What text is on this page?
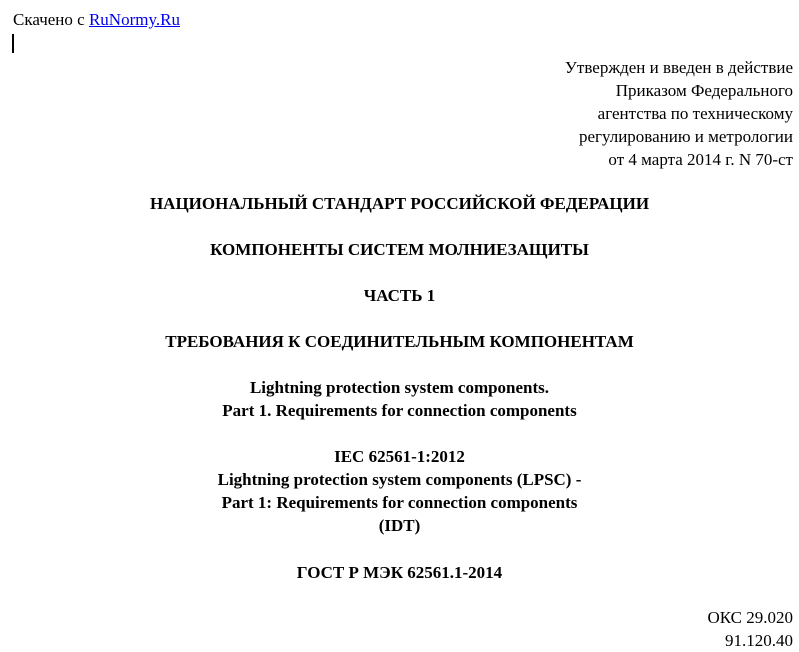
Скачено с RuNormy.Ru
Утвержден и введен в действие
Приказом Федерального
агентства по техническому
регулированию и метрологии
от 4 марта 2014 г. N 70-ст
НАЦИОНАЛЬНЫЙ СТАНДАРТ РОССИЙСКОЙ ФЕДЕРАЦИИ
КОМПОНЕНТЫ СИСТЕМ МОЛНИЕЗАЩИТЫ
ЧАСТЬ 1
ТРЕБОВАНИЯ К СОЕДИНИТЕЛЬНЫМ КОМПОНЕНТАМ
Lightning protection system components.
Part 1. Requirements for connection components
IEC 62561-1:2012
Lightning protection system components (LPSC) -
Part 1: Requirements for connection components
(IDT)
ГОСТ Р МЭК 62561.1-2014
ОКС 29.020
91.120.40
